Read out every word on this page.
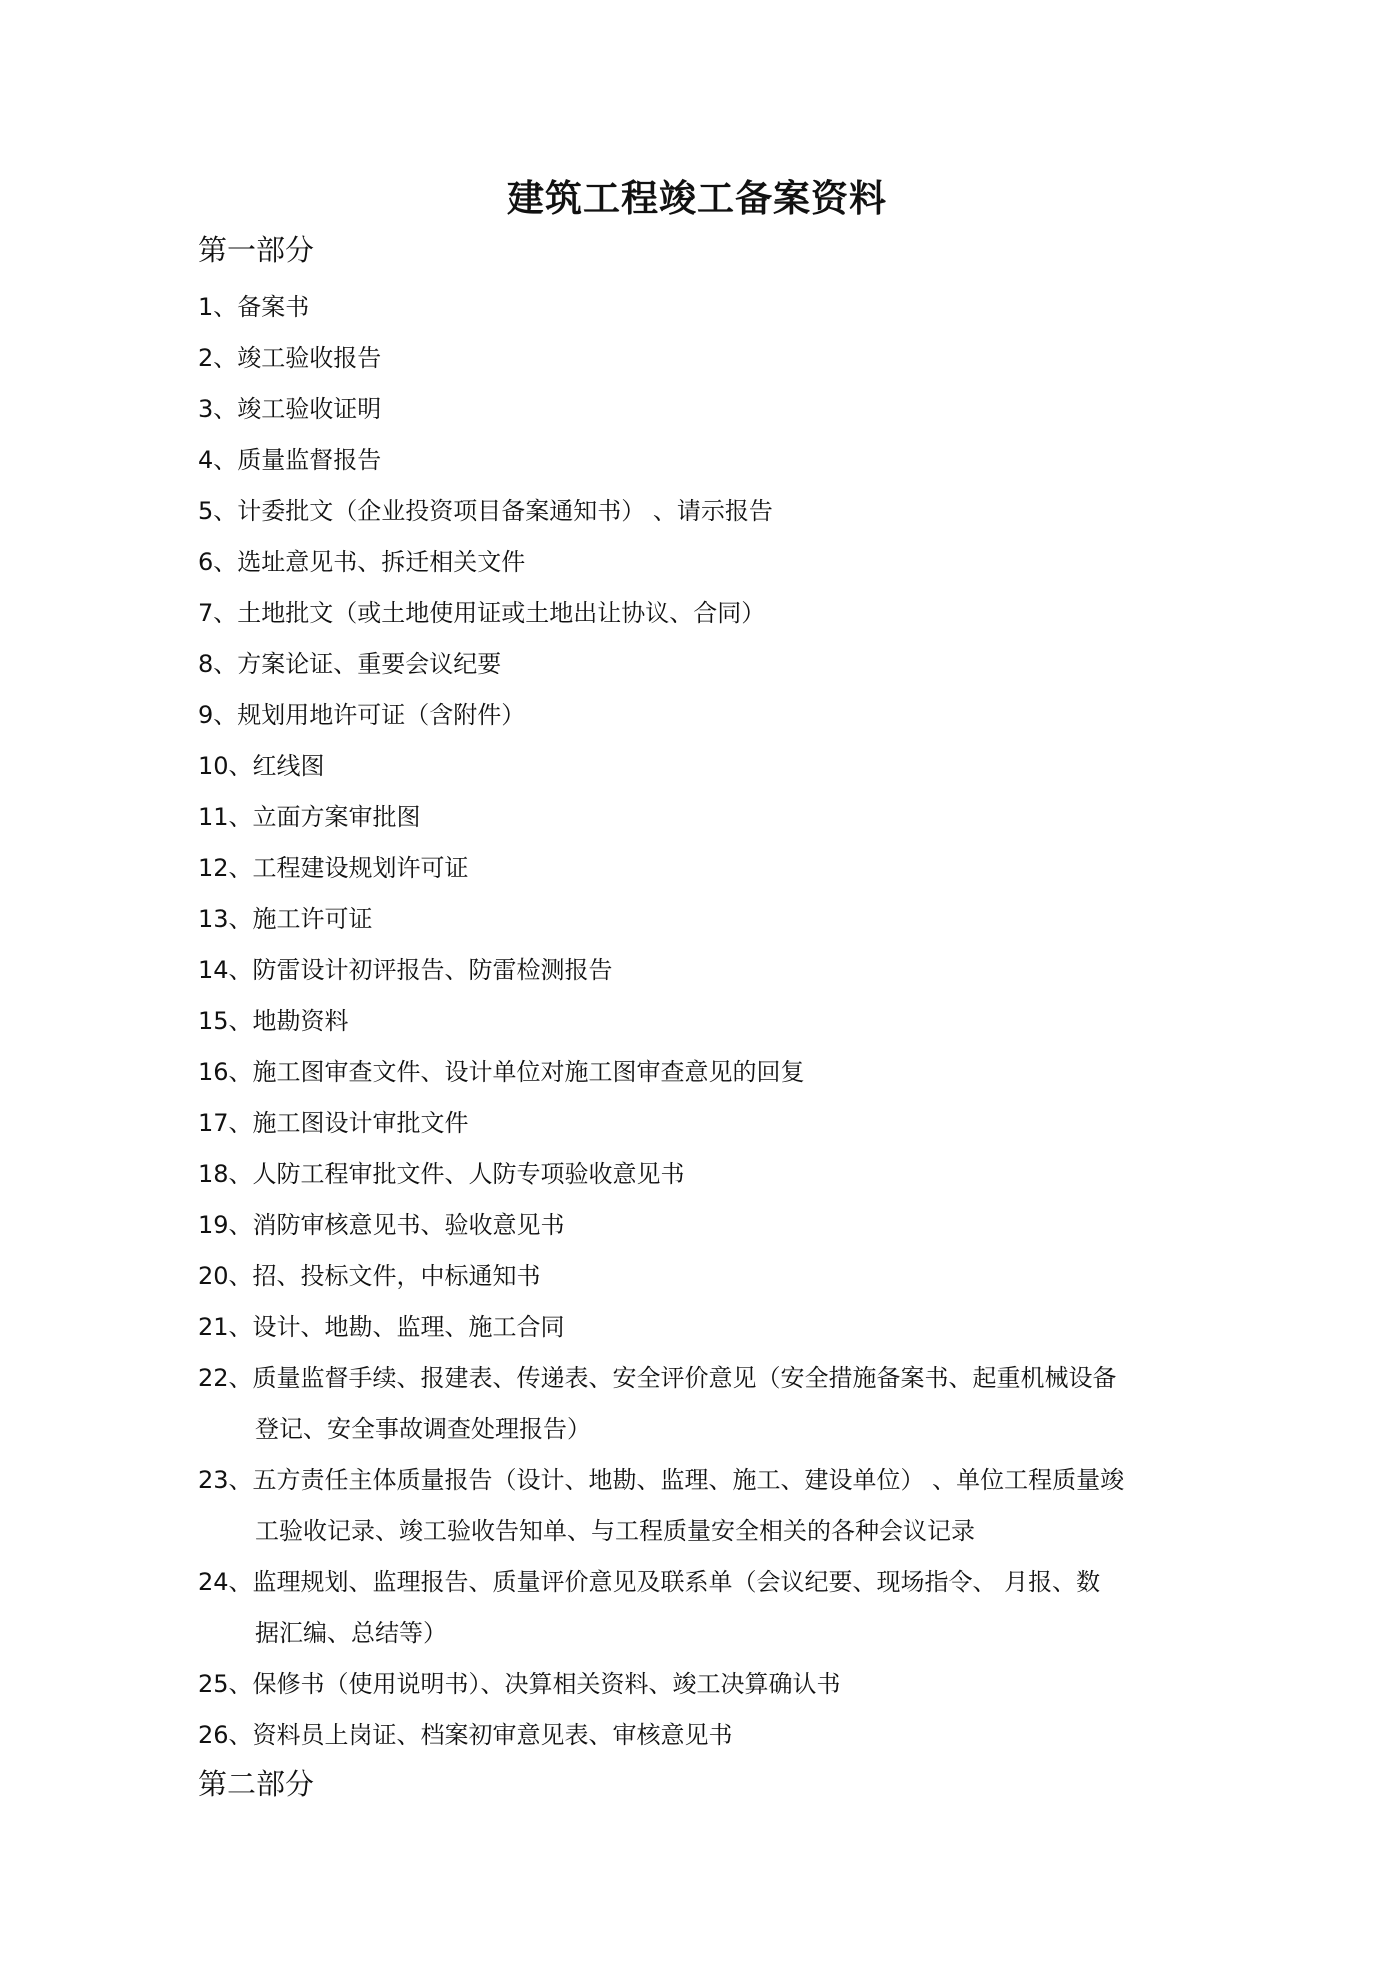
建筑工程竣工备案资料
第一部分
1、 备案书
2、 竣工验收报告
3、 竣工验收证明
4、 质量监督报告
5、 计委批文（企业投资项目备案通知书） 、请示报告
6、 选址意见书、拆迁相关文件
7、 土地批文（或土地使用证或土地出让协议、合同）
8、 方案论证、重要会议纪要
9、 规划用地许可证（含附件）
10、 红线图
11、 立面方案审批图
12、 工程建设规划许可证
13、 施工许可证
14、 防雷设计初评报告、防雷检测报告
15、 地勘资料
16、 施工图审查文件、设计单位对施工图审查意见的回复
17、 施工图设计审批文件
18、 人防工程审批文件、人防专项验收意见书
19、 消防审核意见书、验收意见书
20、 招、投标文件，中标通知书
21、 设计、地勘、监理、施工合同
22、质量监督手续、报建表、传递表、安全评价意见（安全措施备案书、起重机械设备
登记、安全事故调查处理报告）
23、五方责任主体质量报告（设计、地勘、监理、施工、建设单位） 、单位工程质量竣
工验收记录、竣工验收告知单、与工程质量安全相关的各种会议记录
24、监理规划、监理报告、质量评价意见及联系单（会议纪要、现场指令、 月报、数
据汇编、总结等）
25、 保修书（使用说明书）、决算相关资料、竣工决算确认书
26、 资料员上岗证、档案初审意见表、审核意见书
第二部分
